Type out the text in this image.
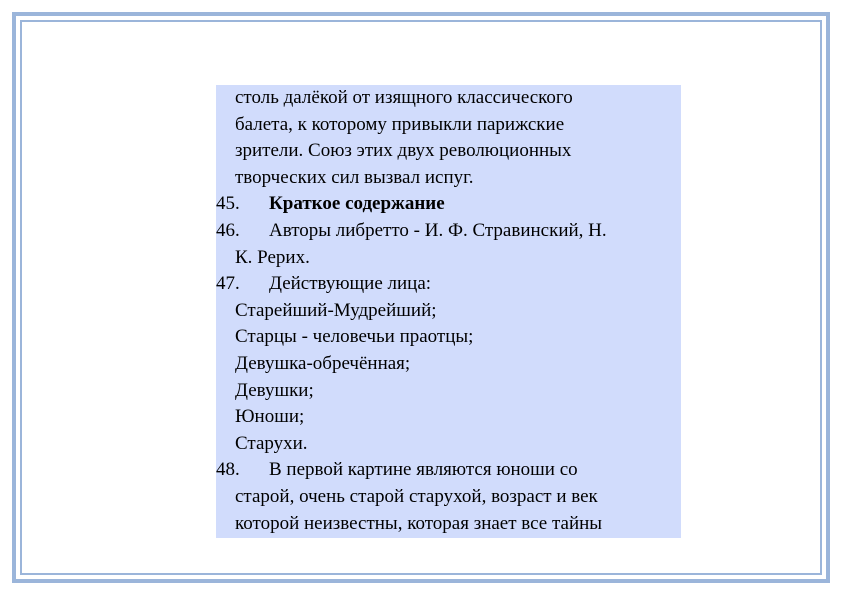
столь далёкой от изящного классического
балета, к которому привыкли парижские
зрители. Союз этих двух революционных
творческих сил вызвал испуг.
45. Краткое содержание
46. Авторы либретто - И. Ф. Стравинский, Н.
К. Рерих.
47. Действующие лица:
Старейший-Мудрейший;
Старцы - человечьи праотцы;
Девушка-обречённая;
Девушки;
Юноши;
Старухи.
48. В первой картине являются юноши со
старой, очень старой старухой, возраст и век
которой неизвестны, которая знает все тайны
